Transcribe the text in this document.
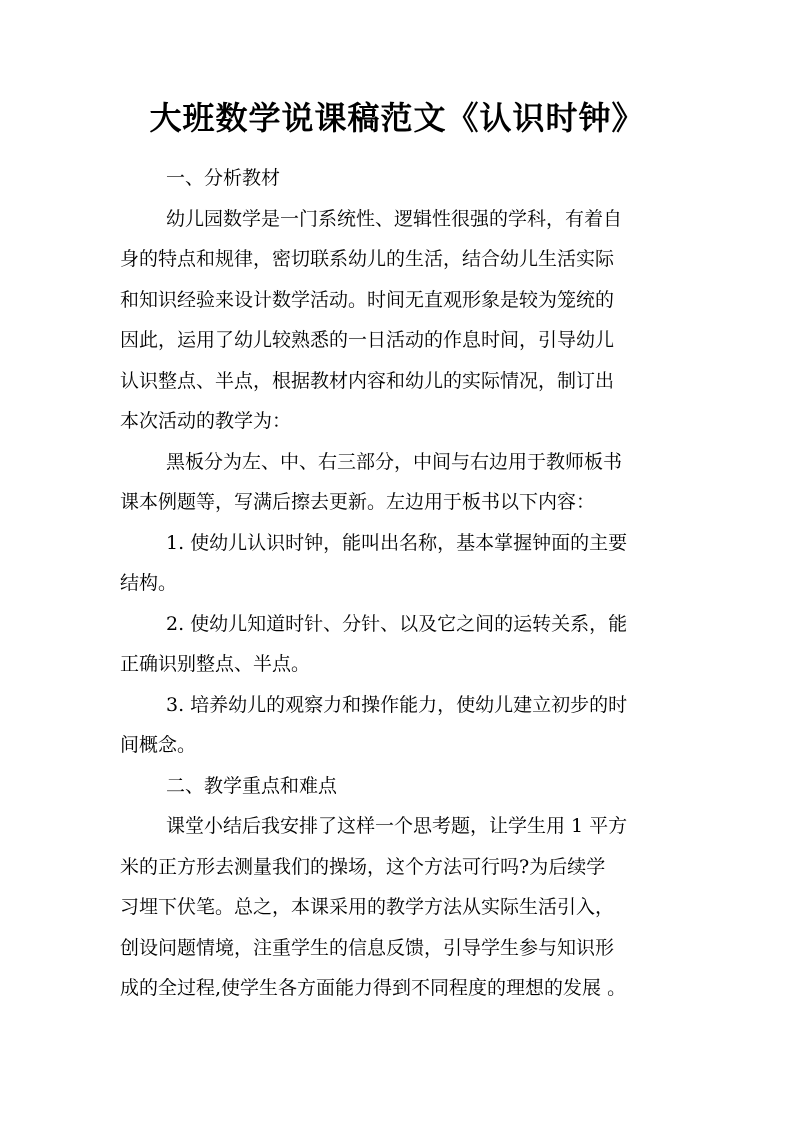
大班数学说课稿范文《认识时钟》
一、分析教材
幼儿园数学是一门系统性、逻辑性很强的学科，有着自
身的特点和规律，密切联系幼儿的生活，结合幼儿生活实际
和知识经验来设计数学活动。时间无直观形象是较为笼统的
因此，运用了幼儿较熟悉的一日活动的作息时间，引导幼儿
认识整点、半点，根据教材内容和幼儿的实际情况，制订出
本次活动的教学为：
黑板分为左、中、右三部分，中间与右边用于教师板书
课本例题等，写满后擦去更新。左边用于板书以下内容：
1. 使幼儿认识时钟，能叫出名称，基本掌握钟面的主要
结构。
2. 使幼儿知道时针、分针、以及它之间的运转关系，能
正确识别整点、半点。
3. 培养幼儿的观察力和操作能力，使幼儿建立初步的时
间概念。
二、教学重点和难点
课堂小结后我安排了这样一个思考题，让学生用 1 平方
米的正方形去测量我们的操场，这个方法可行吗?为后续学
习埋下伏笔。总之，本课采用的教学方法从实际生活引入，
创设问题情境，注重学生的信息反馈，引导学生参与知识形
成的全过程,使学生各方面能力得到不同程度的理想的发展 。
